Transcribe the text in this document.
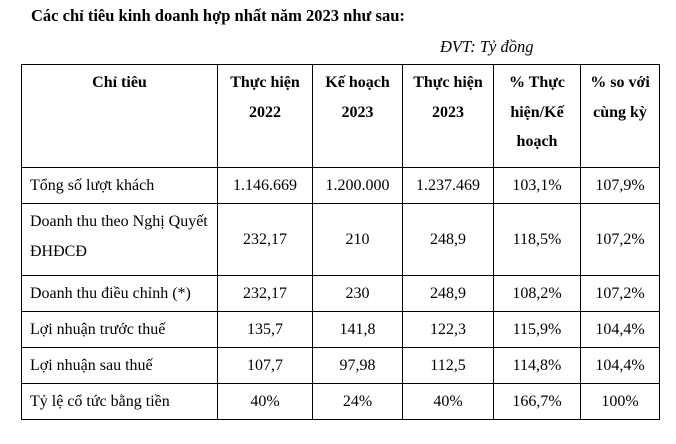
Các chỉ tiêu kinh doanh hợp nhất năm 2023 như sau:
ĐVT: Tỷ đồng
Chỉ tiêu	Thực hiện 2022	Kế hoạch 2023	Thực hiện 2023	% Thực hiện/Kế hoạch	% so với cùng kỳ
Tổng số lượt khách	1.146.669	1.200.000	1.237.469	103,1%	107,9%
Doanh thu theo Nghị Quyết ĐHĐCĐ	232,17	210	248,9	118,5%	107,2%
Doanh thu điều chỉnh (*)	232,17	230	248,9	108,2%	107,2%
Lợi nhuận trước thuế	135,7	141,8	122,3	115,9%	104,4%
Lợi nhuận sau thuế	107,7	97,98	112,5	114,8%	104,4%
Tỷ lệ cổ tức bằng tiền	40%	24%	40%	166,7%	100%
